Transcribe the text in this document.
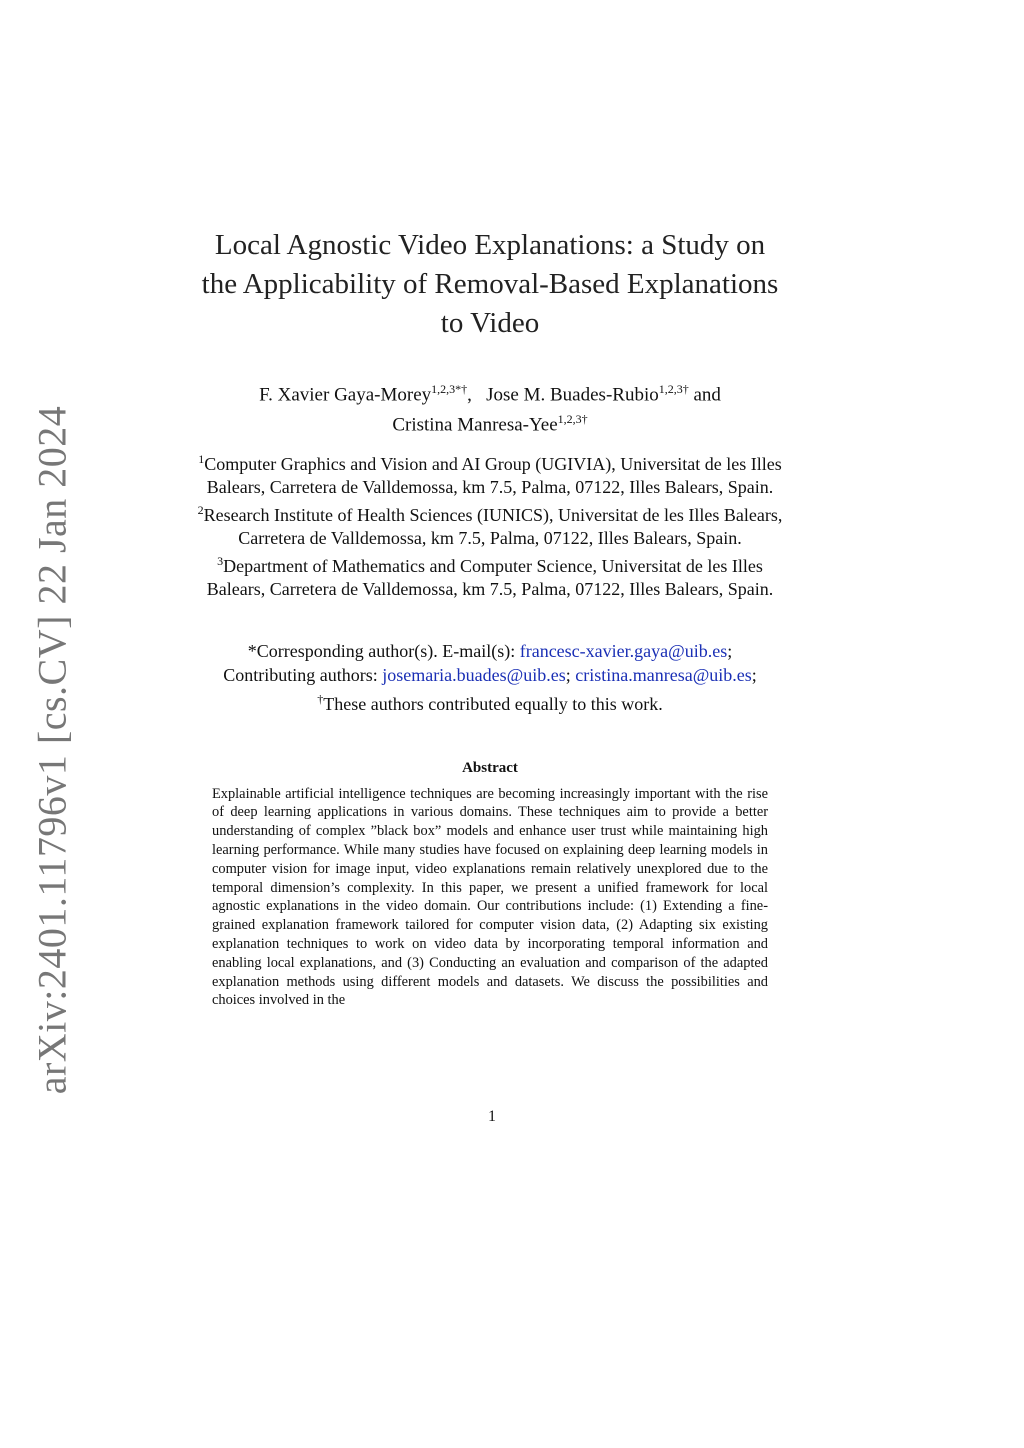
arXiv:2401.11796v1 [cs.CV] 22 Jan 2024
Local Agnostic Video Explanations: a Study on
the Applicability of Removal-Based Explanations
to Video
F. Xavier Gaya-Morey$^{1,2,3*\dagger}$,   Jose M. Buades-Rubio$^{1,2,3\dagger}$ and
Cristina Manresa-Yee$^{1,2,3\dagger}$

$^1$Computer Graphics and Vision and AI Group (UGIVIA), Universitat de les Illes Balears, Carretera de Valldemossa, km 7.5, Palma, 07122, Illes Balears, Spain.

$^2$Research Institute of Health Sciences (IUNICS), Universitat de les Illes Balears, Carretera de Valldemossa, km 7.5, Palma, 07122, Illes Balears, Spain.

$^3$Department of Mathematics and Computer Science, Universitat de les Illes Balears, Carretera de Valldemossa, km 7.5, Palma, 07122, Illes Balears, Spain.

*Corresponding author(s). E-mail(s): francesc-xavier.gaya@uib.es;
Contributing authors: josemaria.buades@uib.es; cristina.manresa@uib.es;
†These authors contributed equally to this work.
Abstract
Explainable artificial intelligence techniques are becoming increasingly important with the rise of deep learning applications in various domains. These techniques aim to provide a better understanding of complex ”black box” models and enhance user trust while maintaining high learning performance. While many studies have focused on explaining deep learning models in computer vision for image input, video explanations remain relatively unexplored due to the temporal dimension’s complexity. In this paper, we present a unified framework for local agnostic explanations in the video domain. Our contributions include: (1) Extending a fine-grained explanation framework tailored for computer vision data, (2) Adapting six existing explanation techniques to work on video data by incorporating temporal information and enabling local explanations, and (3) Conducting an evaluation and comparison of the adapted explanation methods using different models and datasets. We discuss the possibilities and choices involved in the
1
